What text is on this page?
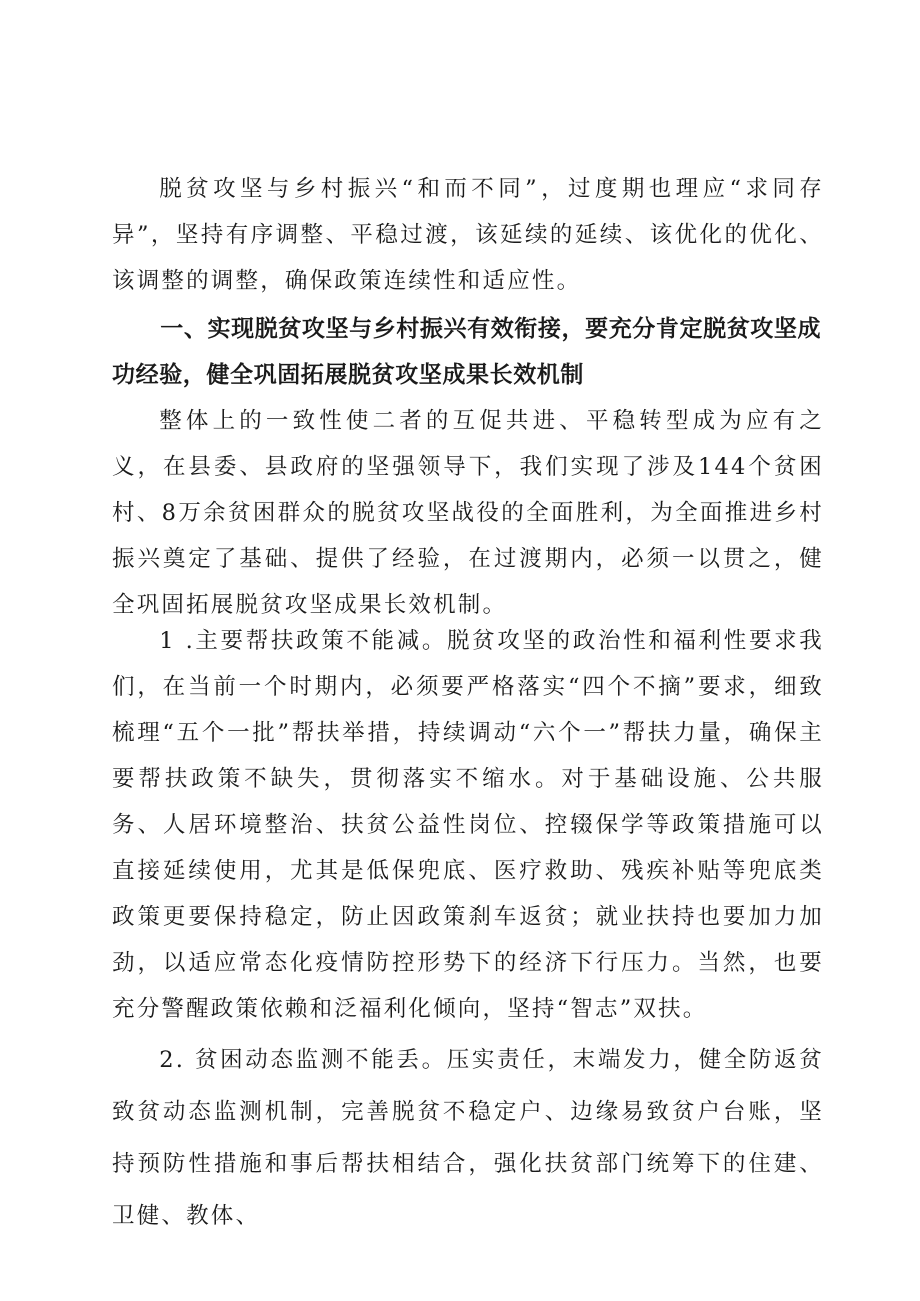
脱贫攻坚与乡村振兴“和而不同”，过度期也理应“求同存异”，坚持有序调整、平稳过渡，该延续的延续、该优化的优化、该调整的调整，确保政策连续性和适应性。

一、实现脱贫攻坚与乡村振兴有效衔接，要充分肯定脱贫攻坚成功经验，健全巩固拓展脱贫攻坚成果长效机制

整体上的一致性使二者的互促共进、平稳转型成为应有之义，在县委、县政府的坚强领导下，我们实现了涉及144个贫困村、8万余贫困群众的脱贫攻坚战役的全面胜利，为全面推进乡村振兴奠定了基础、提供了经验，在过渡期内，必须一以贯之，健全巩固拓展脱贫攻坚成果长效机制。

1 .主要帮扶政策不能减。脱贫攻坚的政治性和福利性要求我们，在当前一个时期内，必须要严格落实“四个不摘”要求，细致梳理“五个一批”帮扶举措，持续调动“六个一”帮扶力量，确保主要帮扶政策不缺失，贯彻落实不缩水。对于基础设施、公共服务、人居环境整治、扶贫公益性岗位、控辍保学等政策措施可以直接延续使用，尤其是低保兜底、医疗救助、残疾补贴等兜底类政策更要保持稳定，防止因政策刹车返贫；就业扶持也要加力加劲，以适应常态化疫情防控形势下的经济下行压力。当然，也要充分警醒政策依赖和泛福利化倾向，坚持“智志”双扶。

2. 贫困动态监测不能丢。压实责任，末端发力，健全防返贫致贫动态监测机制，完善脱贫不稳定户、边缘易致贫户台账，坚持预防性措施和事后帮扶相结合，强化扶贫部门统筹下的住建、卫健、教体、
